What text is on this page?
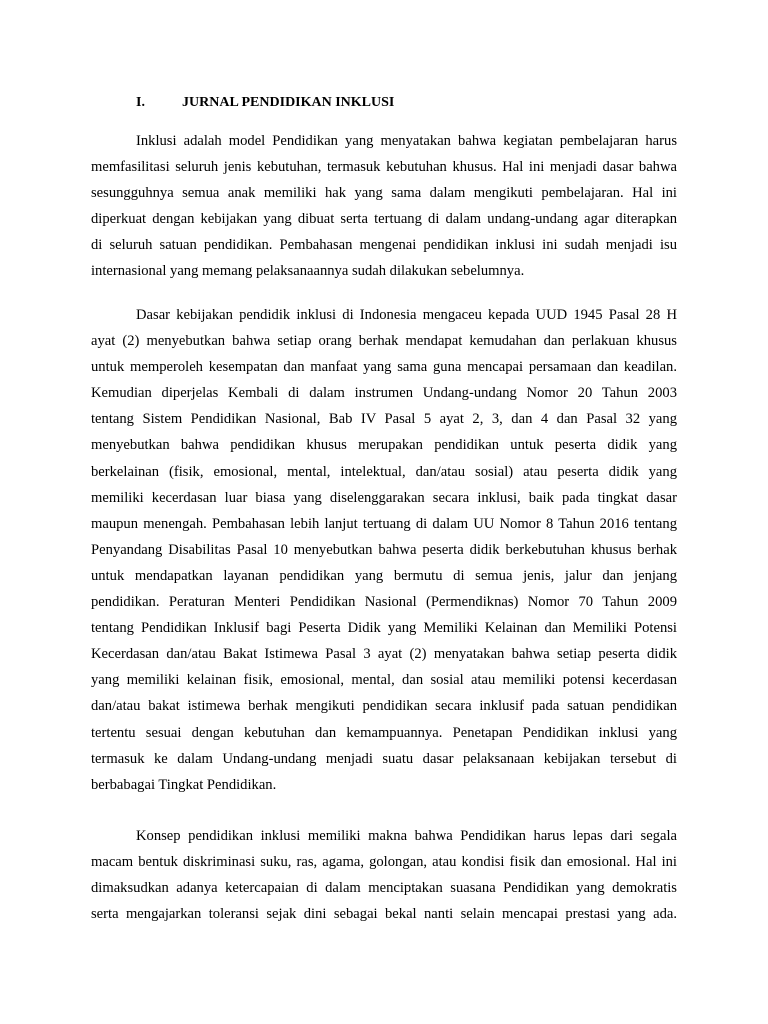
I.	JURNAL PENDIDIKAN INKLUSI
Inklusi adalah model Pendidikan yang menyatakan bahwa kegiatan pembelajaran harus
memfasilitasi seluruh jenis kebutuhan, termasuk kebutuhan khusus. Hal ini menjadi dasar bahwa
sesungguhnya semua anak memiliki hak yang sama dalam mengikuti pembelajaran. Hal ini
diperkuat dengan kebijakan yang dibuat serta tertuang di dalam undang-undang agar diterapkan
di seluruh satuan pendidikan. Pembahasan mengenai pendidikan inklusi ini sudah menjadi isu
internasional yang memang pelaksanaannya sudah dilakukan sebelumnya.
Dasar kebijakan pendidik inklusi di Indonesia mengaceu kepada UUD 1945 Pasal 28 H
ayat (2) menyebutkan bahwa setiap orang berhak mendapat kemudahan dan perlakuan khusus
untuk memperoleh kesempatan dan manfaat yang sama guna mencapai persamaan dan keadilan.
Kemudian diperjelas Kembali di dalam instrumen Undang-undang Nomor 20 Tahun 2003
tentang Sistem Pendidikan Nasional, Bab IV Pasal 5 ayat 2, 3, dan 4 dan Pasal 32 yang
menyebutkan bahwa pendidikan khusus merupakan pendidikan untuk peserta didik yang
berkelainan (fisik, emosional, mental, intelektual, dan/atau sosial) atau peserta didik yang
memiliki kecerdasan luar biasa yang diselenggarakan secara inklusi, baik pada tingkat dasar
maupun menengah. Pembahasan lebih lanjut tertuang di dalam UU Nomor 8 Tahun 2016 tentang
Penyandang Disabilitas Pasal 10 menyebutkan bahwa peserta didik berkebutuhan khusus berhak
untuk mendapatkan layanan pendidikan yang bermutu di semua jenis, jalur dan jenjang
pendidikan. Peraturan Menteri Pendidikan Nasional (Permendiknas) Nomor 70 Tahun 2009
tentang Pendidikan Inklusif bagi Peserta Didik yang Memiliki Kelainan dan Memiliki Potensi
Kecerdasan dan/atau Bakat Istimewa Pasal 3 ayat (2) menyatakan bahwa setiap peserta didik
yang memiliki kelainan fisik, emosional, mental, dan sosial atau memiliki potensi kecerdasan
dan/atau bakat istimewa berhak mengikuti pendidikan secara inklusif pada satuan pendidikan
tertentu sesuai dengan kebutuhan dan kemampuannya. Penetapan Pendidikan inklusi yang
termasuk ke dalam Undang-undang menjadi suatu dasar pelaksanaan kebijakan tersebut di
berbabagai Tingkat Pendidikan.
Konsep pendidikan inklusi memiliki makna bahwa Pendidikan harus lepas dari segala
macam bentuk diskriminasi suku, ras, agama, golongan, atau kondisi fisik dan emosional. Hal ini
dimaksudkan adanya ketercapaian di dalam menciptakan suasana Pendidikan yang demokratis
serta mengajarkan toleransi sejak dini sebagai bekal nanti selain mencapai prestasi yang ada.
